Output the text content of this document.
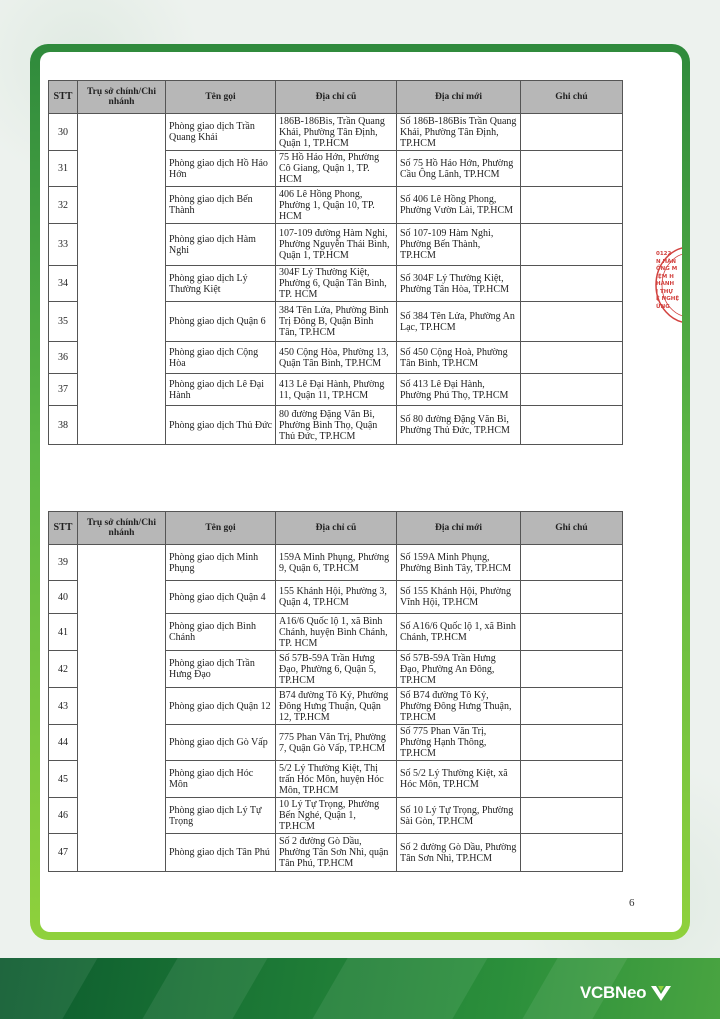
STT	Trụ sở chính/Chi nhánh	Tên gọi	Địa chỉ cũ	Địa chỉ mới	Ghi chú
30		Phòng giao dịch Trần Quang Khải	186B-186Bis, Trần Quang Khải, Phường Tân Định, Quận 1, TP.HCM	Số 186B-186Bis Trần Quang Khải, Phường Tân Định, TP.HCM	
31		Phòng giao dịch Hồ Hảo Hớn	75 Hồ Hảo Hớn, Phường Cô Giang, Quận 1, TP. HCM	Số 75 Hồ Hảo Hớn, Phường Cầu Ông Lãnh, TP.HCM	
32		Phòng giao dịch Bến Thành	406 Lê Hồng Phong, Phường 1, Quận 10, TP. HCM	Số 406 Lê Hồng Phong, Phường Vườn Lài, TP.HCM	
33		Phòng giao dịch Hàm Nghi	107-109 đường Hàm Nghi, Phường Nguyễn Thái Bình, Quận 1, TP.HCM	Số 107-109 Hàm Nghi, Phường Bến Thành, TP.HCM	
34		Phòng giao dịch Lý Thường Kiệt	304F Lý Thường Kiệt, Phường 6, Quận Tân Bình, TP. HCM	Số 304F Lý Thường Kiệt, Phường Tân Hòa, TP.HCM	
35		Phòng giao dịch Quận 6	384 Tên Lửa, Phường Bình Trị Đông B, Quận Bình Tân, TP.HCM	Số 384 Tên Lửa, Phường An Lạc, TP.HCM	
36		Phòng giao dịch Cộng Hòa	450 Cộng Hòa, Phường 13, Quận Tân Bình, TP.HCM	Số 450 Cộng Hoà, Phường Tân Bình, TP.HCM	
37		Phòng giao dịch Lê Đại Hành	413 Lê Đại Hành, Phường 11, Quận 11, TP.HCM	Số 413 Lê Đại Hành, Phường Phú Thọ, TP.HCM	
38		Phòng giao dịch Thủ Đức	80 đường Đặng Văn Bi, Phường Bình Thọ, Quận Thủ Đức, TP.HCM	Số 80 đường Đặng Văn Bi, Phường Thủ Đức, TP.HCM	
STT	Trụ sở chính/Chi nhánh	Tên gọi	Địa chỉ cũ	Địa chỉ mới	Ghi chú
39		Phòng giao dịch Minh Phụng	159A Minh Phụng, Phường 9, Quận 6, TP.HCM	Số 159A Minh Phụng, Phường Bình Tây, TP.HCM	
40		Phòng giao dịch Quận 4	155 Khánh Hội, Phường 3, Quận 4, TP.HCM	Số 155 Khánh Hội, Phường Vĩnh Hội, TP.HCM	
41		Phòng giao dịch Bình Chánh	A16/6 Quốc lộ 1, xã Bình Chánh, huyện Bình Chánh, TP. HCM	Số A16/6 Quốc lộ 1, xã Bình Chánh, TP.HCM	
42		Phòng giao dịch Trần Hưng Đạo	Số 57B-59A Trần Hưng Đạo, Phường 6, Quận 5, TP.HCM	Số 57B-59A Trần Hưng Đạo, Phường An Đông, TP.HCM	
43		Phòng giao dịch Quận 12	B74 đường Tô Ký, Phường Đông Hưng Thuận, Quận 12, TP.HCM	Số B74 đường Tô Ký, Phường Đông Hưng Thuận, TP.HCM	
44		Phòng giao dịch Gò Vấp	775 Phan Văn Trị, Phường 7, Quận Gò Vấp, TP.HCM	Số 775 Phan Văn Trị, Phường Hạnh Thông, TP.HCM	
45		Phòng giao dịch Hóc Môn	5/2 Lý Thường Kiệt, Thị trấn Hóc Môn, huyện Hóc Môn, TP.HCM	Số 5/2 Lý Thường Kiệt, xã Hóc Môn, TP.HCM	
46		Phòng giao dịch Lý Tự Trọng	10 Lý Tự Trọng, Phường Bến Nghé, Quận 1, TP.HCM	Số 10 Lý Tự Trọng, Phường Sài Gòn, TP.HCM	
47		Phòng giao dịch Tân Phú	Số 2 đường Gò Dầu, Phường Tân Sơn Nhì, quận Tân Phú, TP.HCM	Số 2 đường Gò Dầu, Phường Tân Sơn Nhì, TP.HCM	
6
0122
N HÀN
ỒNG M
IỆM H
HÀNH
I THỰ
Ệ NGHỆ
ỪNG
VCBNeo
